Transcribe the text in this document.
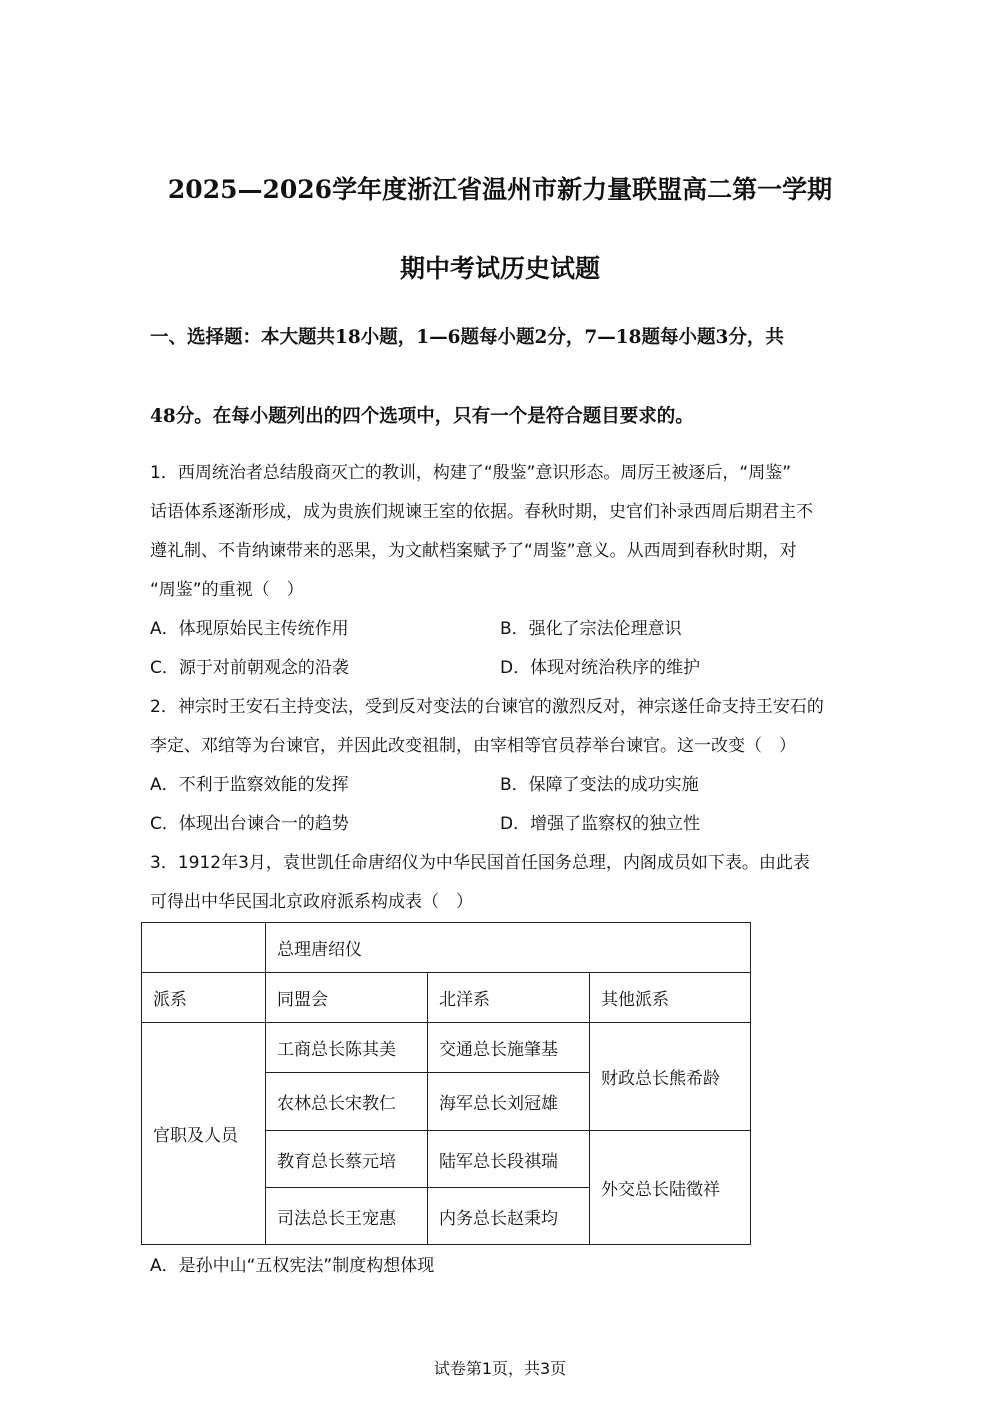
2025—2026学年度浙江省温州市新力量联盟高二第一学期
期中考试历史试题
一、选择题：本大题共18小题，1—6题每小题2分，7—18题每小题3分，共
48分。在每小题列出的四个选项中，只有一个是符合题目要求的。
1．西周统治者总结殷商灭亡的教训，构建了“殷鉴”意识形态。周厉王被逐后，“周鉴”
话语体系逐渐形成，成为贵族们规谏王室的依据。春秋时期，史官们补录西周后期君主不
遵礼制、不肯纳谏带来的恶果，为文献档案赋予了“周鉴”意义。从西周到春秋时期，对
“周鉴”的重视（　）
A．体现原始民主传统作用	B．强化了宗法伦理意识
C．源于对前朝观念的沿袭	D．体现对统治秩序的维护
2．神宗时王安石主持变法，受到反对变法的台谏官的激烈反对，神宗遂任命支持王安石的
李定、邓绾等为台谏官，并因此改变祖制，由宰相等官员荐举台谏官。这一改变（　）
A．不利于监察效能的发挥	B．保障了变法的成功实施
C．体现出台谏合一的趋势	D．增强了监察权的独立性
3．1912年3月，袁世凯任命唐绍仪为中华民国首任国务总理，内阁成员如下表。由此表
可得出中华民国北京政府派系构成表（　）
	总理唐绍仪		
派系	同盟会	北洋系	其他派系
官职及人员	工商总长陈其美	交通总长施肇基	财政总长熊希龄
	农林总长宋教仁	海军总长刘冠雄	
	教育总长蔡元培	陆军总长段祺瑞	外交总长陆徵祥
	司法总长王宠惠	内务总长赵秉均	
A．是孙中山“五权宪法”制度构想体现
试卷第1页，共3页
